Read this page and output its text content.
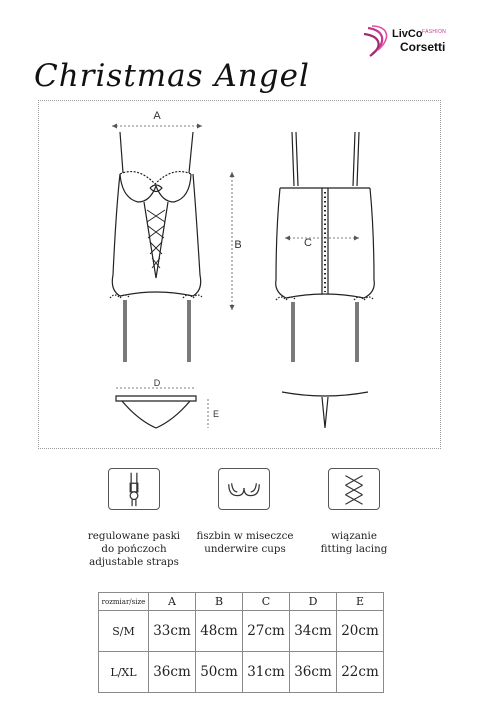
LivCo FASHION
Corsetti
Christmas Angel
A
B	C
D
E
regulowane paski
do pończoch
adjustable straps
fiszbin w miseczce
underwire cups
wiązanie
fitting lacing
rozmiar/size	A	B	C	D	E
S/M	33cm	48cm	27cm	34cm	20cm
L/XL	36cm	50cm	31cm	36cm	22cm
